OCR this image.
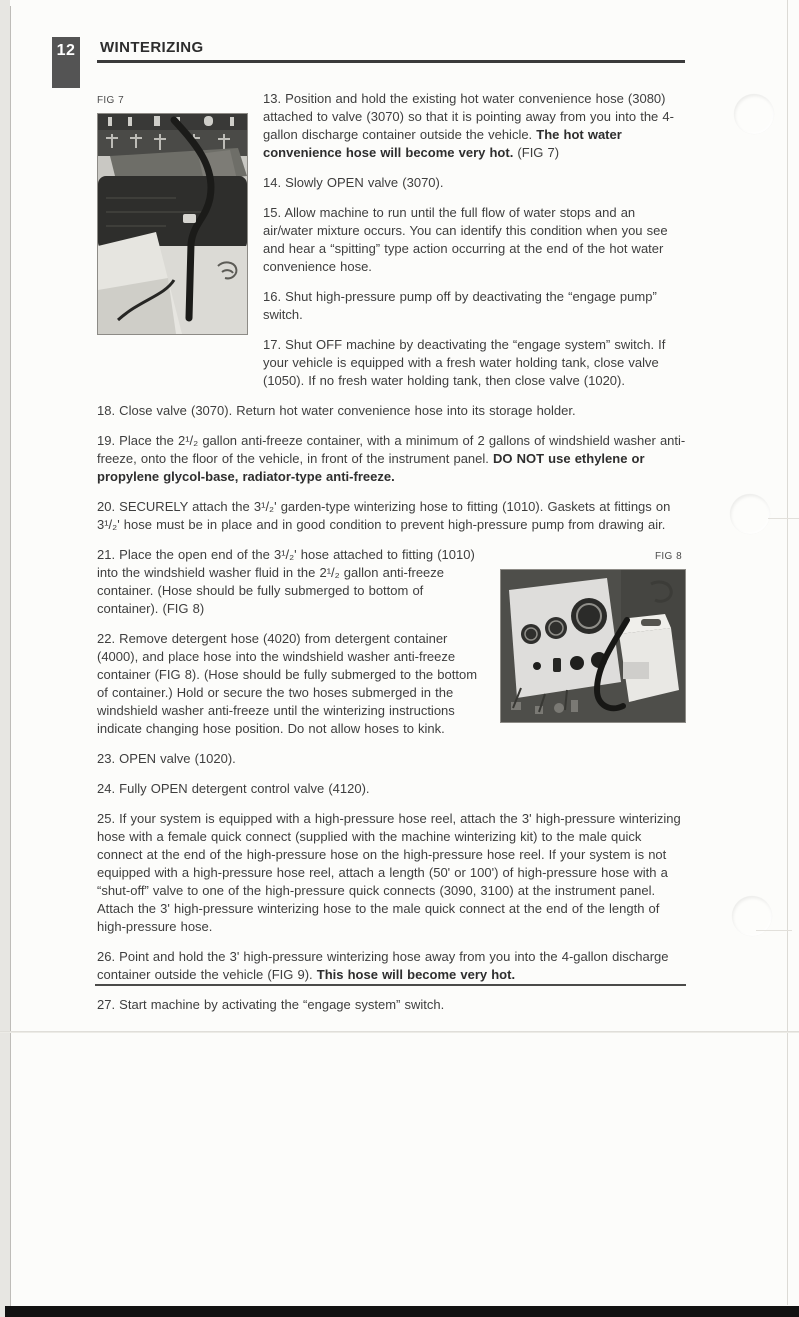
12	WINTERIZING
FIG 7	13. Position and hold the existing hot water convenience hose (3080) attached to valve (3070) so that it is pointing away from you into the 4-gallon discharge container outside the vehicle. The hot water convenience hose will become very hot. (FIG 7)

14. Slowly OPEN valve (3070).

15. Allow machine to run until the full flow of water stops and an air/water mixture occurs. You can identify this condition when you see and hear a “spitting” type action occurring at the end of the hot water convenience hose.

16. Shut high-pressure pump off by deactivating the “engage pump” switch.

17. Shut OFF machine by deactivating the “engage system” switch. If your vehicle is equipped with a fresh water holding tank, close valve (1050). If no fresh water holding tank, then close valve (1020).

18. Close valve (3070). Return hot water convenience hose into its storage holder.

19. Place the 2¹/₂ gallon anti-freeze container, with a minimum of 2 gallons of windshield washer anti-freeze, onto the floor of the vehicle, in front of the instrument panel. DO NOT use ethylene or propylene glycol-base, radiator-type anti-freeze.

20. SECURELY attach the 3¹/₂' garden-type winterizing hose to fitting (1010). Gaskets at fittings on 3¹/₂' hose must be in place and in good condition to prevent high-pressure pump from drawing air.

21. Place the open end of the 3¹/₂' hose attached to fitting (1010) into the windshield washer fluid in the 2¹/₂ gallon anti-freeze container. (Hose should be fully submerged to bottom of container). (FIG 8)

22. Remove detergent hose (4020) from detergent container (4000), and place hose into the windshield washer anti-freeze container (FIG 8). (Hose should be fully submerged to the bottom of container.) Hold or secure the two hoses submerged in the windshield washer anti-freeze until the winterizing instructions indicate changing hose position. Do not allow hoses to kink.

FIG 8

23. OPEN valve (1020).

24. Fully OPEN detergent control valve (4120).

25. If your system is equipped with a high-pressure hose reel, attach the 3' high-pressure winterizing hose with a female quick connect (supplied with the machine winterizing kit) to the male quick connect at the end of the high-pressure hose on the high-pressure hose reel. If your system is not equipped with a high-pressure hose reel, attach a length (50' or 100') of high-pressure hose with a “shut-off” valve to one of the high-pressure quick connects (3090, 3100) at the instrument panel. Attach the 3' high-pressure winterizing hose to the male quick connect at the end of the length of high-pressure hose.

26. Point and hold the 3' high-pressure winterizing hose away from you into the 4-gallon discharge container outside the vehicle (FIG 9). This hose will become very hot.

27. Start machine by activating the “engage system” switch.
